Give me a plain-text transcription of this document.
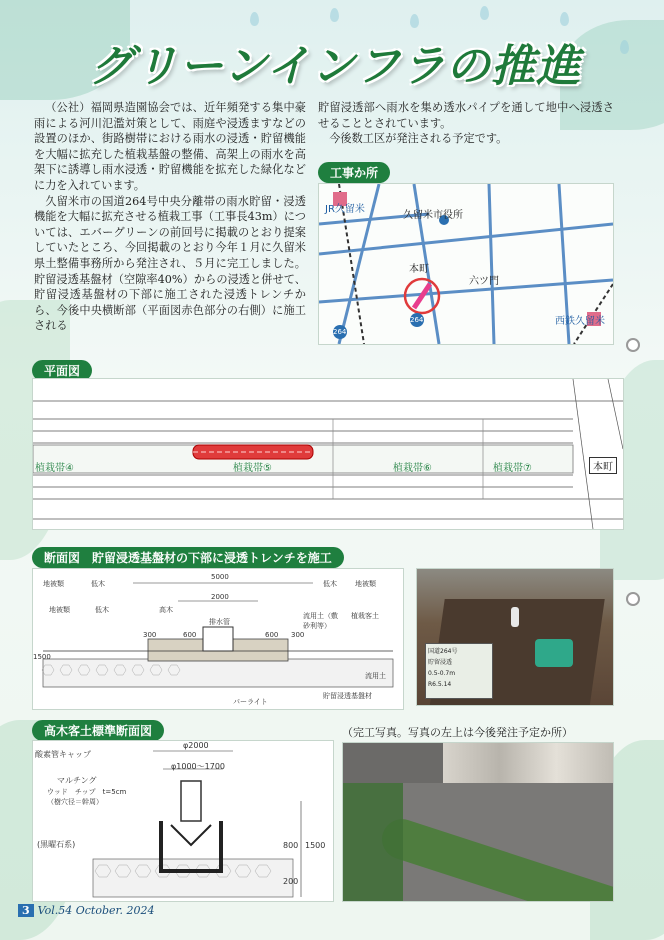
グリーンインフラの推進

（公社）福岡県造園協会では、近年頻発する集中豪雨による河川氾濫対策として、雨庭や浸透ますなどの設置のほか、街路樹帯における雨水の浸透・貯留機能を大幅に拡充した植栽基盤の整備、高架上の雨水を高架下に誘導し雨水浸透・貯留機能を拡充した緑化などに力を入れています。

久留米市の国道264号中央分離帯の雨水貯留・浸透機能を大幅に拡充させる植栽工事（工事長43m）については、エバーグリーンの前回号に掲載のとおり提案していたところ、今回掲載のとおり今年１月に久留米県土整備事務所から発注され、５月に完工しました。貯留浸透基盤材（空隙率40%）からの浸透と併せて、貯留浸透基盤材の下部に施工された浸透トレンチから、今後中央横断部（平面図赤色部分の右側）に施工される

貯留浸透部へ雨水を集め透水パイプを通して地中へ浸透させることとされています。

今後数工区が発注される予定です。

工事か所
JR久留米
久留米市役所
本町
六ツ門
西鉄久留米
264
264
平面図
植栽帯④	植栽帯⑤	植栽帯⑥	植栽帯⑦	本町
断面図　貯留浸透基盤材の下部に浸透トレンチを施工
地被類	低木	低木	地被類
地被類	低木	高木
排水管
流用土（敷砂利等）
植栽客土
流用土
貯留浸透基盤材
パーライト
5000
2000
300	600
1500
600 300
国道264号
貯留浸透
0.5-0.7m
R6.5.14
高木客土標準断面図
酸素管キャップ
マルチング
ウッド　チップ　t=5cm
（樹穴径＝幹周）
(黒曜石系)
φ2000
φ1000〜1700
1500
800
200
（完工写真。写真の左上は今後発注予定か所）
3 Vol.54 October. 2024
